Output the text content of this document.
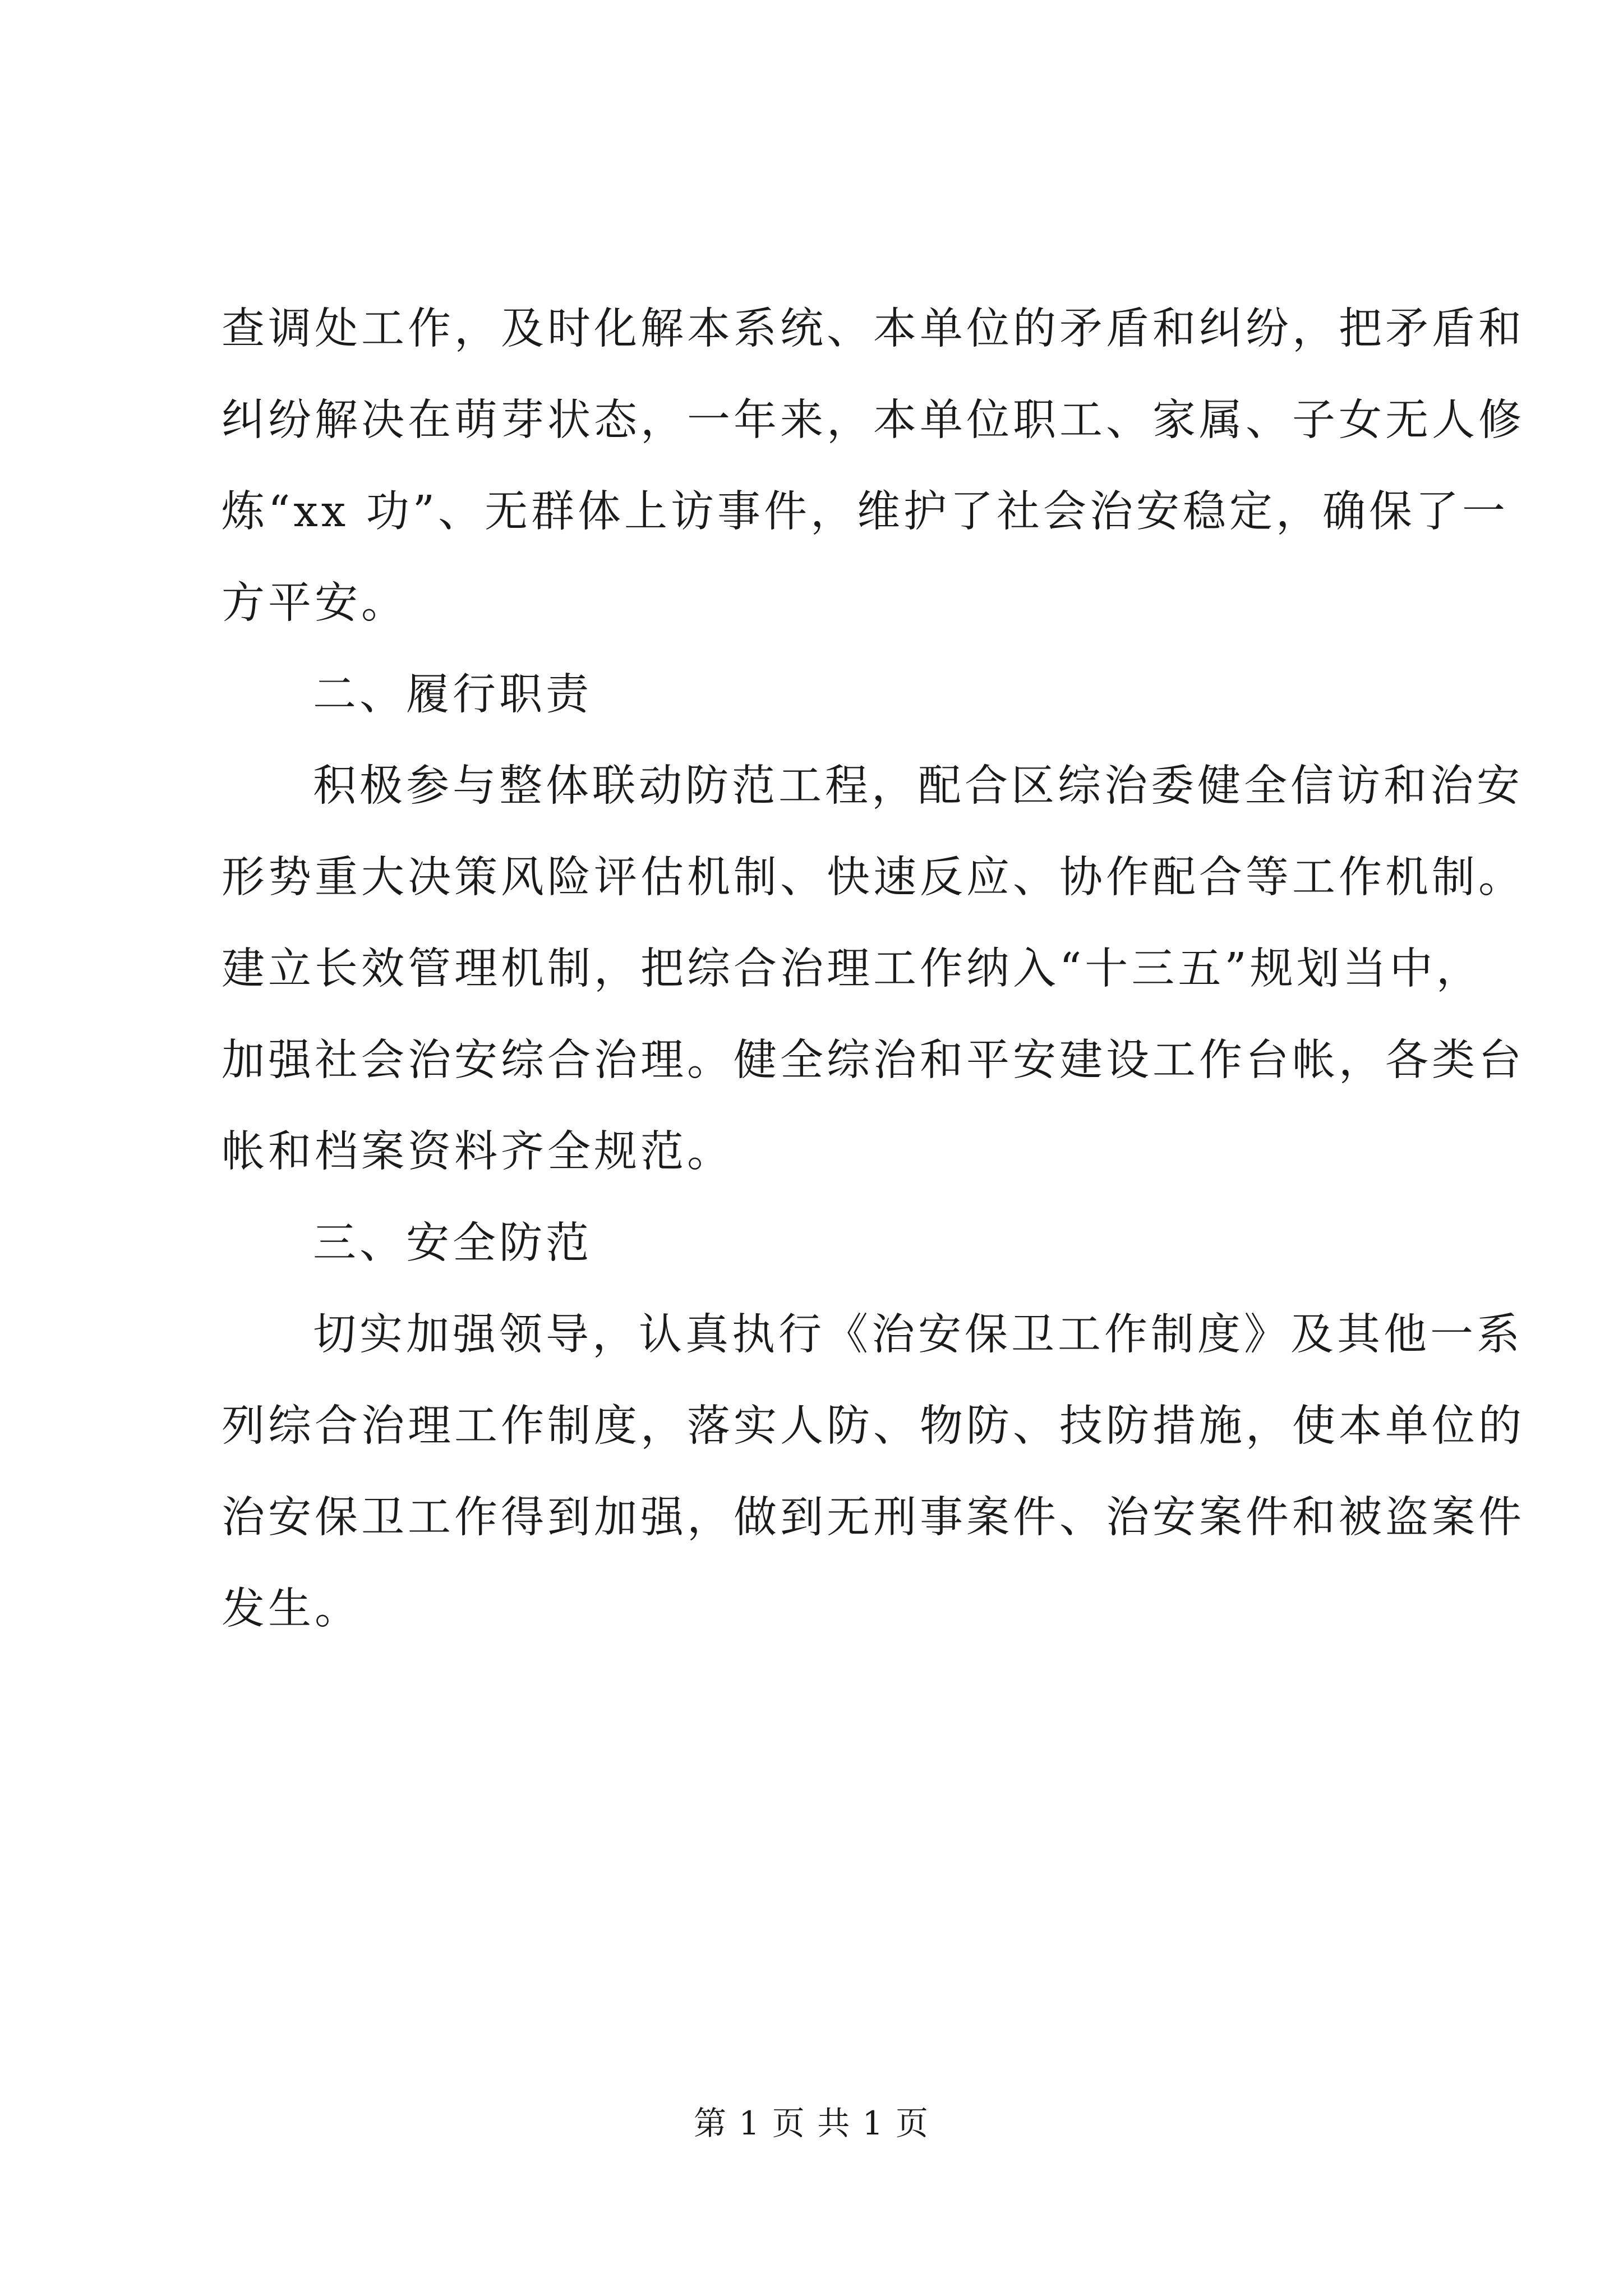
查调处工作，及时化解本系统、本单位的矛盾和纠纷，把矛盾和
纠纷解决在萌芽状态，一年来，本单位职工、家属、子女无人修
炼“xx 功”、无群体上访事件，维护了社会治安稳定，确保了一
方平安。
二、履行职责
积极参与整体联动防范工程，配合区综治委健全信访和治安
形势重大决策风险评估机制、快速反应、协作配合等工作机制。
建立长效管理机制，把综合治理工作纳入“十三五”规划当中，
加强社会治安综合治理。健全综治和平安建设工作台帐，各类台
帐和档案资料齐全规范。
三、安全防范
切实加强领导，认真执行《治安保卫工作制度》及其他一系
列综合治理工作制度，落实人防、物防、技防措施，使本单位的
治安保卫工作得到加强，做到无刑事案件、治安案件和被盗案件
发生。
第 1 页 共 1 页
